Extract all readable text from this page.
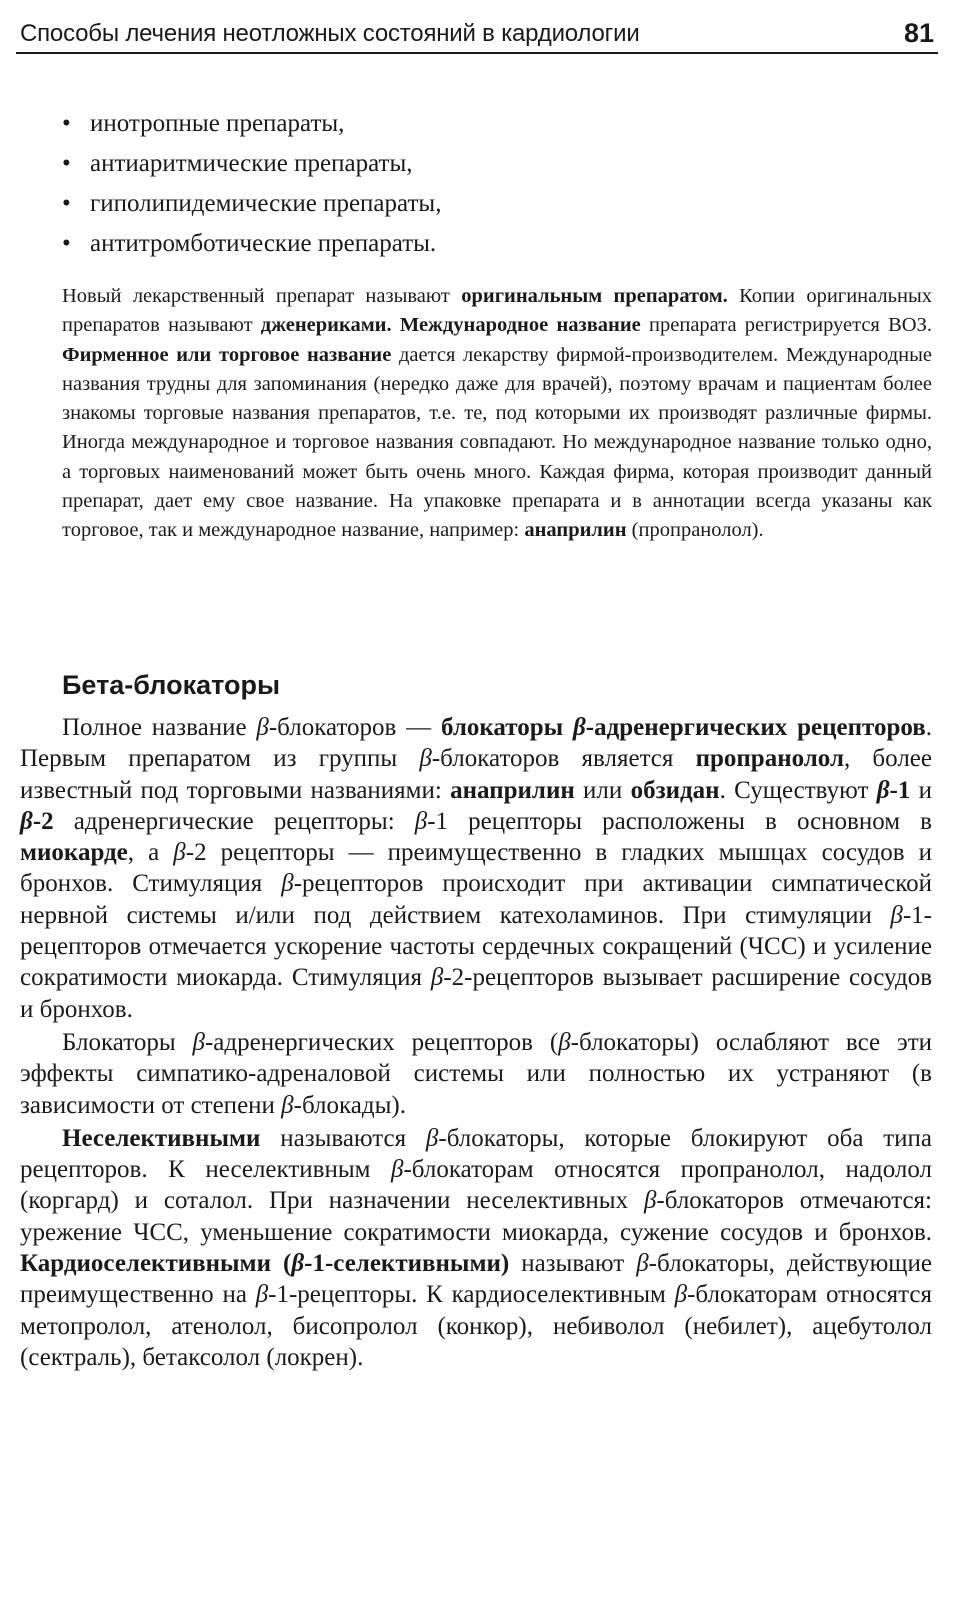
Способы лечения неотложных состояний в кардиологии	81
• инотропные препараты,
• антиаритмические препараты,
• гиполипидемические препараты,
• антитромботические препараты.

Новый лекарственный препарат называют оригинальным препаратом. Копии оригинальных препаратов называют дженериками. Международное название препарата регистрируется ВОЗ. Фирменное или торговое название дается лекарству фирмой-производителем. Международные названия трудны для запоминания (нередко даже для врачей), поэтому врачам и пациентам более знакомы торговые названия препаратов, т.е. те, под которыми их производят различные фирмы. Иногда международное и торговое названия совпадают. Но международное название только одно, а торговых наименований может быть очень много. Каждая фирма, которая производит данный препарат, дает ему свое название. На упаковке препарата и в аннотации всегда указаны как торговое, так и международное название, например: анаприлин (пропранолол).

Бета-блокаторы

Полное название β-блокаторов — блокаторы β-адренергических рецепторов. Первым препаратом из группы β-блокаторов является пропранолол, более известный под торговыми названиями: анаприлин или обзидан. Существуют β-1 и β-2 адренергические рецепторы: β-1 рецепторы расположены в основном в миокарде, а β-2 рецепторы — преимущественно в гладких мышцах сосудов и бронхов. Стимуляция β-рецепторов происходит при активации симпатической нервной системы и/или под действием катехоламинов. При стимуляции β-1-рецепторов отмечается ускорение частоты сердечных сокращений (ЧСС) и усиление сократимости миокарда. Стимуляция β-2-рецепторов вызывает расширение сосудов и бронхов.

Блокаторы β-адренергических рецепторов (β-блокаторы) ослабляют все эти эффекты симпатико-адреналовой системы или полностью их устраняют (в зависимости от степени β-блокады).

Неселективными называются β-блокаторы, которые блокируют оба типа рецепторов. К неселективным β-блокаторам относятся пропранолол, надолол (коргард) и соталол. При назначении неселективных β-блокаторов отмечаются: урежение ЧСС, уменьшение сократимости миокарда, сужение сосудов и бронхов. Кардиоселективными (β-1-селективными) называют β-блокаторы, действующие преимущественно на β-1-рецепторы. К кардиоселективным β-блокаторам относятся метопролол, атенолол, бисопролол (конкор), небиволол (небилет), ацебутолол (сектраль), бетаксолол (локрен).
